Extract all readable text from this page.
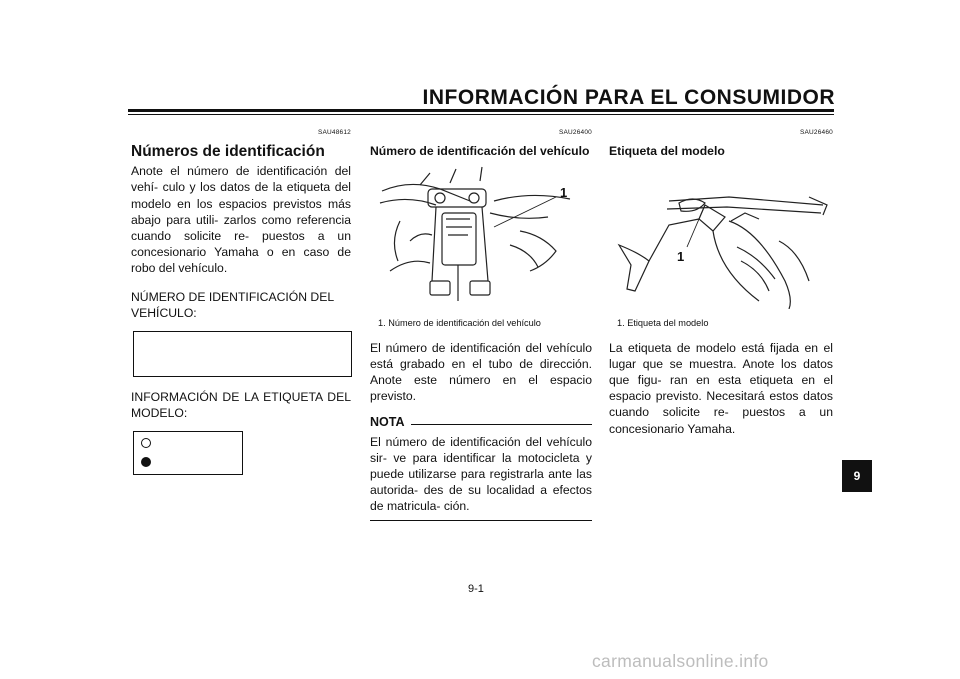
INFORMACIÓN PARA EL CONSUMIDOR
SAU48612
Números de identificación

Anote el número de identificación del vehí- culo y los datos de la etiqueta del modelo en los espacios previstos más abajo para utili- zarlos como referencia cuando solicite re- puestos a un concesionario Yamaha o en caso de robo del vehículo.

NÚMERO DE IDENTIFICACIÓN DEL VEHÍCULO:

INFORMACIÓN DE LA ETIQUETA DEL MODELO:

SAU26400
Número de identificación del vehículo
1
1. Número de identificación del vehículo

El número de identificación del vehículo está grabado en el tubo de dirección. Anote este número en el espacio previsto.

NOTA

El número de identificación del vehículo sir- ve para identificar la motocicleta y puede utilizarse para registrarla ante las autorida- des de su localidad a efectos de matricula- ción.

SAU26460
Etiqueta del modelo
1
1. Etiqueta del modelo

La etiqueta de modelo está fijada en el lugar que se muestra. Anote los datos que figu- ran en esta etiqueta en el espacio previsto. Necesitará estos datos cuando solicite re- puestos a un concesionario Yamaha.

9
9-1
carmanualsonline.info
